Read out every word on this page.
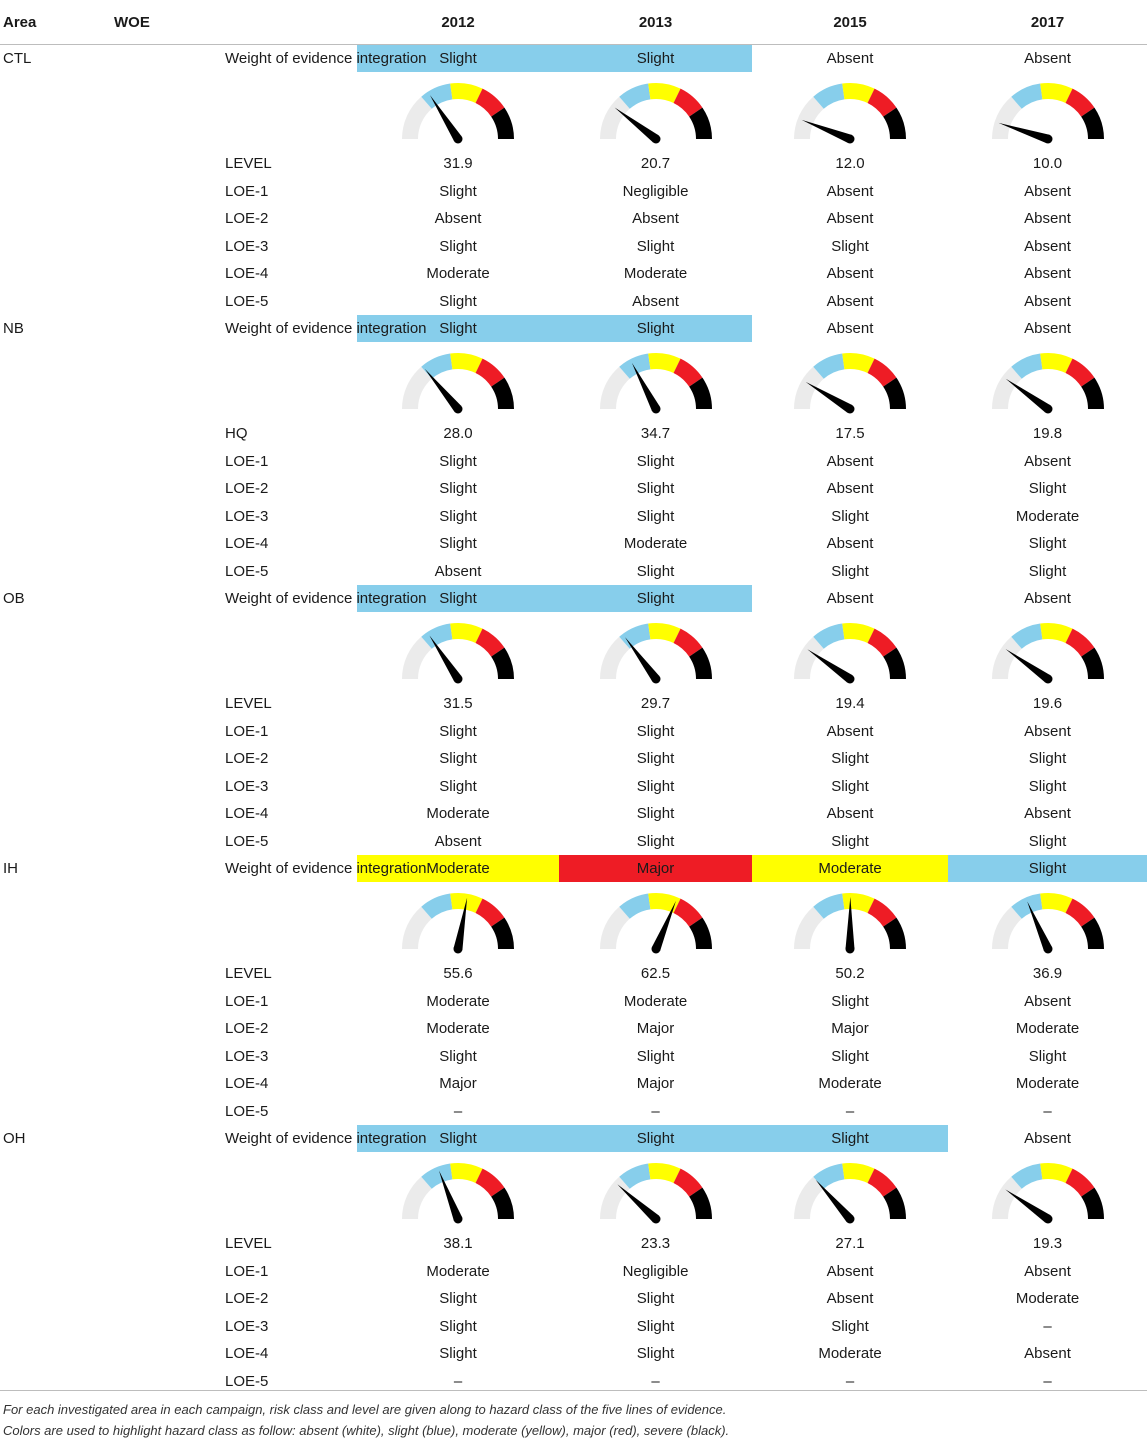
Area WOE		2012	2013	2015	2017
CTL	Weight of evidence integration	Slight	Slight	Absent	Absent

	LEVEL	31.9	20.7	12.0	10.0
	LOE-1	Slight	Negligible	Absent	Absent
	LOE-2	Absent	Absent	Absent	Absent
	LOE-3	Slight	Slight	Slight	Absent
	LOE-4	Moderate	Moderate	Absent	Absent
	LOE-5	Slight	Absent	Absent	Absent
NB	Weight of evidence integration	Slight	Slight	Absent	Absent

	HQ	28.0	34.7	17.5	19.8
	LOE-1	Slight	Slight	Absent	Absent
	LOE-2	Slight	Slight	Absent	Slight
	LOE-3	Slight	Slight	Slight	Moderate
	LOE-4	Slight	Moderate	Absent	Slight
	LOE-5	Absent	Slight	Slight	Slight
OB	Weight of evidence integration	Slight	Slight	Absent	Absent

	LEVEL	31.5	29.7	19.4	19.6
	LOE-1	Slight	Slight	Absent	Absent
	LOE-2	Slight	Slight	Slight	Slight
	LOE-3	Slight	Slight	Slight	Slight
	LOE-4	Moderate	Slight	Absent	Absent
	LOE-5	Absent	Slight	Slight	Slight
IH	Weight of evidence integration	Moderate	Major	Moderate	Slight

	LEVEL	55.6	62.5	50.2	36.9
	LOE-1	Moderate	Moderate	Slight	Absent
	LOE-2	Moderate	Major	Major	Moderate
	LOE-3	Slight	Slight	Slight	Slight
	LOE-4	Major	Major	Moderate	Moderate
	LOE-5	–	–	–	–
OH	Weight of evidence integration	Slight	Slight	Slight	Absent

	LEVEL	38.1	23.3	27.1	19.3
	LOE-1	Moderate	Negligible	Absent	Absent
	LOE-2	Slight	Slight	Absent	Moderate
	LOE-3	Slight	Slight	Slight	–
	LOE-4	Slight	Slight	Moderate	Absent
	LOE-5	–	–	–	–
For each investigated area in each campaign, risk class and level are given along to hazard class of the five lines of evidence.
Colors are used to highlight hazard class as follow: absent (white), slight (blue), moderate (yellow), major (red), severe (black).
